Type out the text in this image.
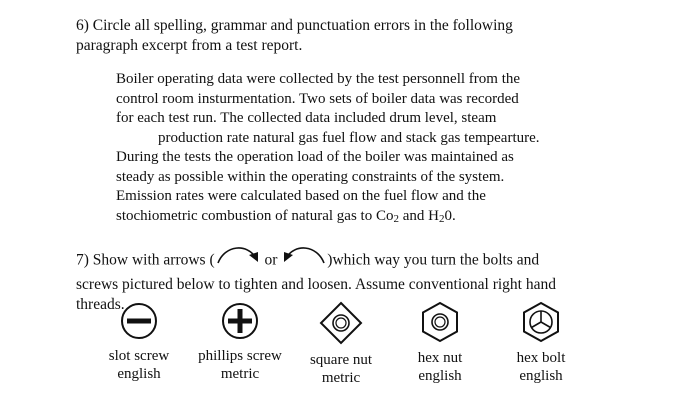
6) Circle all spelling, grammar and punctuation errors in the following
paragraph excerpt from a test report.
Boiler operating data were collected by the test personnell from the
control room insturmentation. Two sets of boiler data was recorded
for each test run. The collected data included drum level, steam
production rate natural gas fuel flow and stack gas tempearture.
During the tests the operation load of the boiler was maintained as
steady as possible within the operating constraints of the system.
Emission rates were calculated based on the fuel flow and the
stochiometric combustion of natural gas to $Co_2$ and $H_20$.
7) Show with arrows (	or	)which way you turn the bolts and
screws pictured below to tighten and loosen. Assume conventional right hand
threads.
slot screw
english
phillips screw
metric
square nut
metric
hex nut
english
hex bolt
english
